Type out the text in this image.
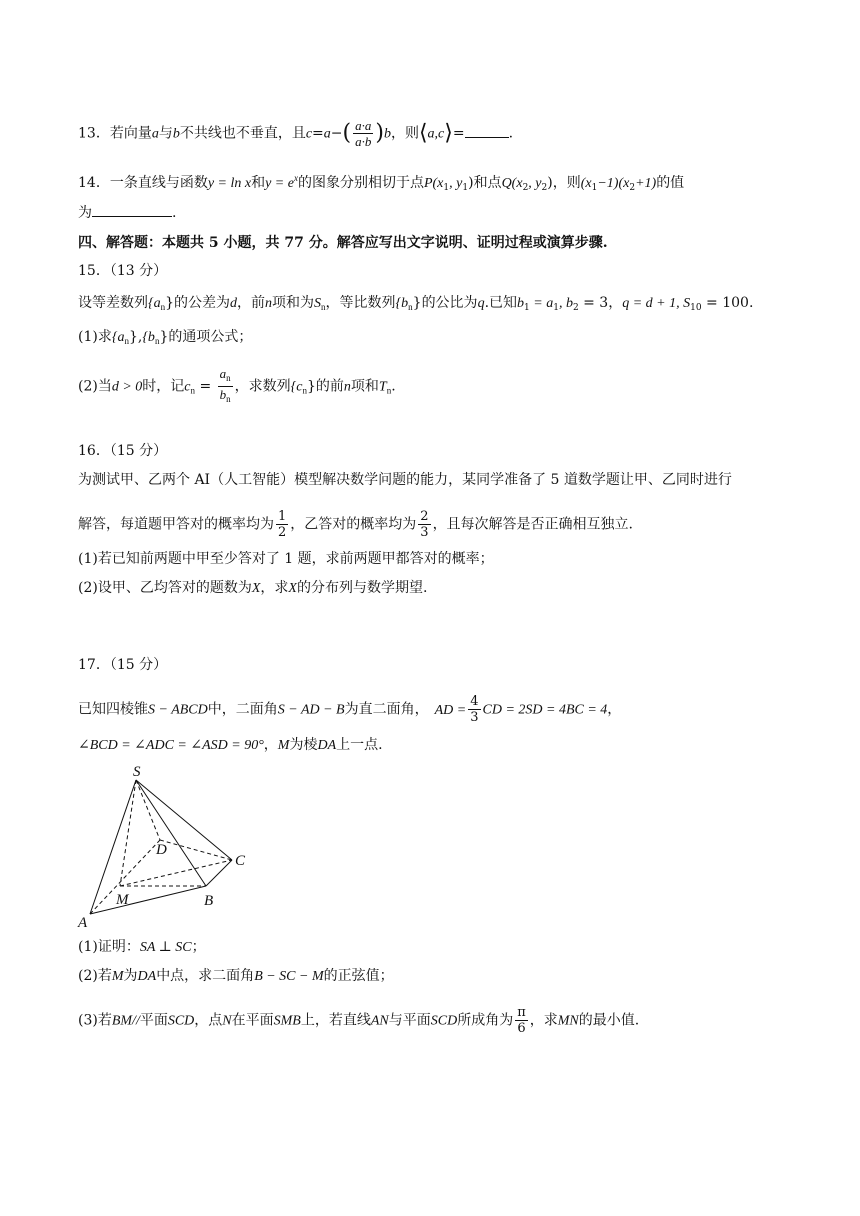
13．若向量a与b不共线也不垂直，且$c=a-( \frac{a\cdot a}{a\cdot b} )b$，则⟨a,c⟩=	.
14．一条直线与函数y = ln x和$y = e^x$的图象分别相切于点$P(x_1$, $y_1$)和点$Q(x_2$, $y_2$)，则$(x_1-1)(x_2+1)$的值
为	.
四、解答题：本题共 5 小题，共 77 分。解答应写出文字说明、证明过程或演算步骤.
15．（13 分）
设等差数列$\{a_n\}$的公差为d，前n项和为$S_n$，等比数列$\{b_n\}$的公比为q.已知$b_1 = a_1$, $b_2 = 3$，q = d + 1, $S_{10} = 100$.
(1)求$\{a_n\},\{b_n\}$的通项公式；
(2)当d > 0时，记$c_n = \frac{a_n}{b_n}$ ，求数列$\{c_n\}$的前n项和$T_n$.
16．（15 分）
为测试甲、乙两个 AI（人工智能）模型解决数学问题的能力，某同学准备了 5 道数学题让甲、乙同时进行
解答，每道题甲答对的概率均为 $\frac{1}{2}$ ，乙答对的概率均为 $\frac{2}{3}$ ，且每次解答是否正确相互独立.
(1)若已知前两题中甲至少答对了 1 题，求前两题甲都答对的概率；
(2)设甲、乙均答对的题数为X，求X的分布列与数学期望.
17．（15 分）
已知四棱锥S − ABCD中，二面角S − AD − B为直二面角， AD = $\frac{4}{3}$ CD = 2SD = 4BC = 4，
∠BCD = ∠ADC = ∠ASD = 90°，M为棱DA上一点.
S
D
C
M	B
A
(1)证明：SA ⊥ SC；
(2)若M为DA中点，求二面角B − SC − M的正弦值；
(3)若BM//平面SCD，点N在平面SMB上，若直线AN与平面SCD所成角为 $\frac{\pi}{6}$ ，求MN的最小值.
